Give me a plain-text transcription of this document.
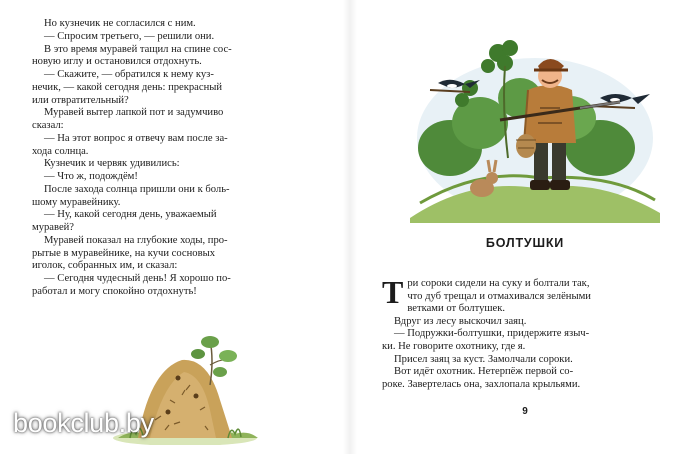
Но кузнечик не согласился с ним.
— Спросим третьего, — решили они.
В это время муравей тащил на спине сос-
новую иглу и остановился отдохнуть.
— Скажите, — обратился к нему куз-
нечик, — какой сегодня день: прекрасный
или отвратительный?
Муравей вытер лапкой пот и задумчиво
сказал:
— На этот вопрос я отвечу вам после за-
хода солнца.
Кузнечик и червяк удивились:
— Что ж, подождём!
После захода солнца пришли они к боль-
шому муравейнику.
— Ну, какой сегодня день, уважаемый
муравей?
Муравей показал на глубокие ходы, про-
рытые в муравейнике, на кучи сосновых
иголок, собранных им, и сказал:
— Сегодня чудесный день! Я хорошо по-
работал и могу спокойно отдохнуть!
bookclub.by
БОЛТУШКИ
Т ри сороки сидели на суку и болтали так,
что дуб трещал и отмахивался зелёными
ветками от болтушек.
Вдруг из лесу выскочил заяц.
— Подружки-болтушки, придержите языч-
ки. Не говорите охотнику, где я.
Присел заяц за куст. Замолчали сороки.
Вот идёт охотник. Нетерпёж первой со-
роке. Завертелась она, захлопала крыльями.
9
